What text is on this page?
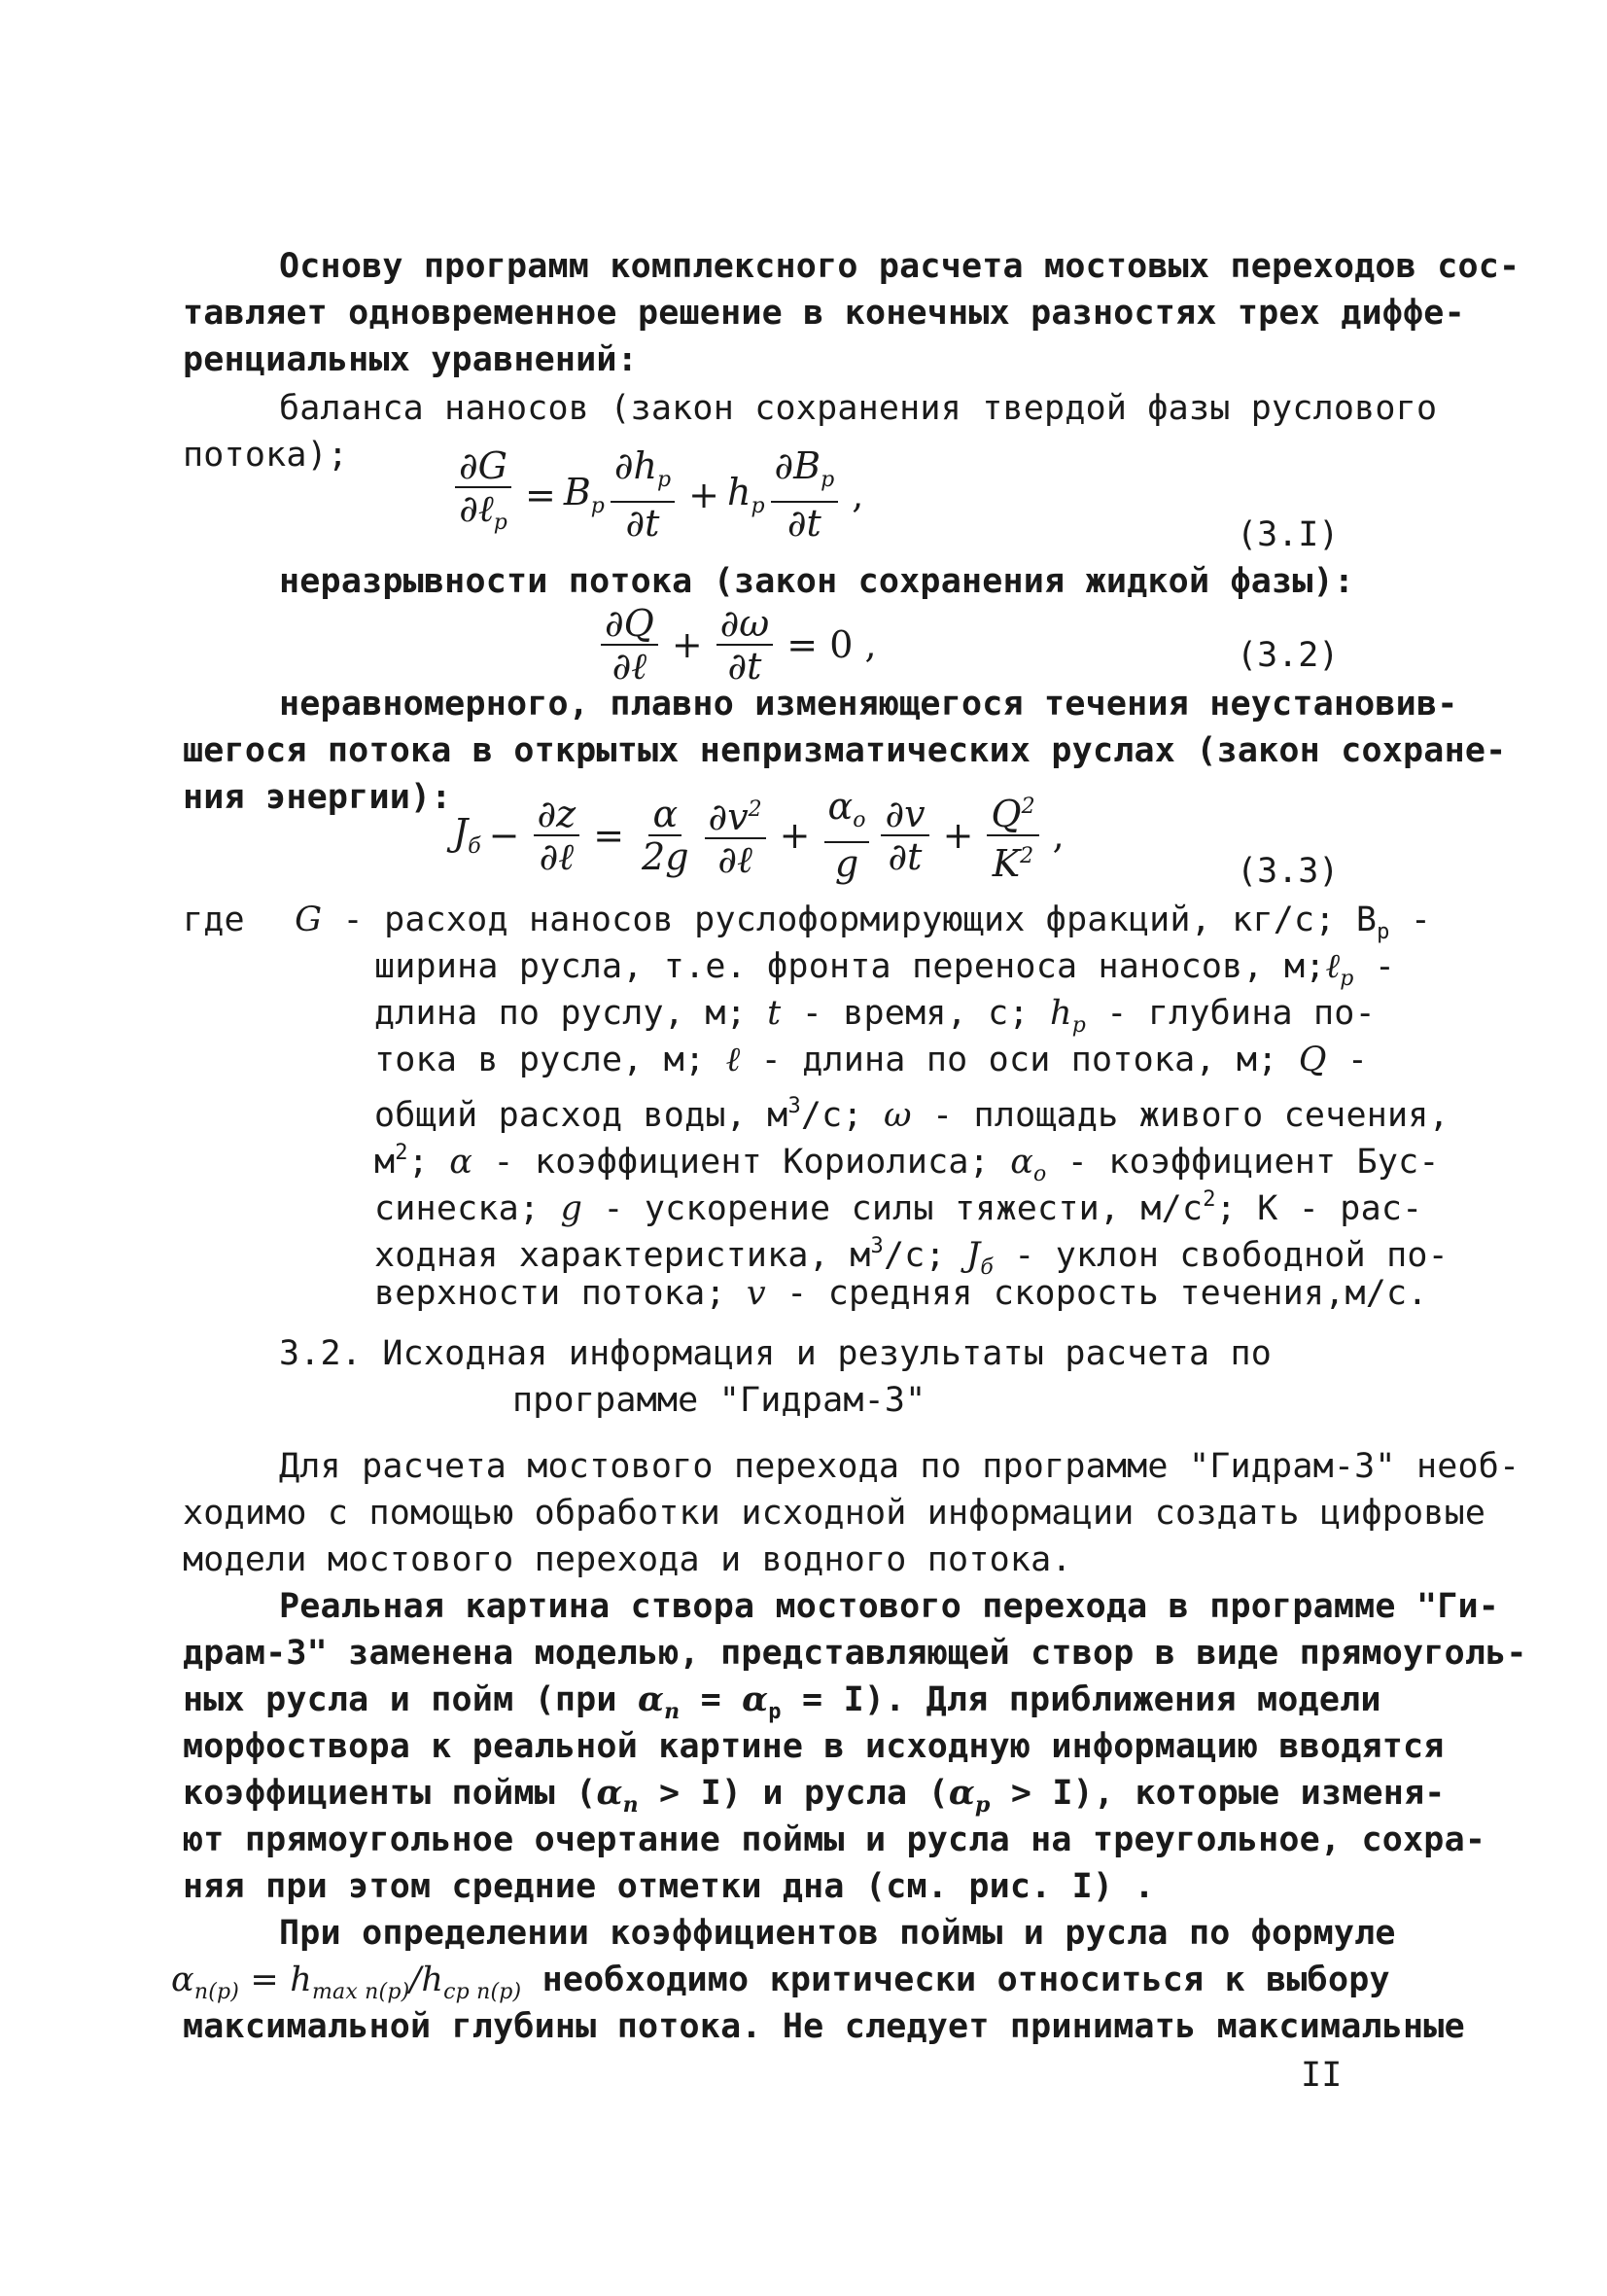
Основу программ комплексного расчета мостовых переходов сос-
тавляет одновременное решение в конечных разностях трех диффе-
ренциальных уравнений:
баланса наносов (закон сохранения твердой фазы руслового
потока);	$\frac{\partial G}{\partial\ell_p} = B_p \frac{\partial h_p}{\partial t} + h_p \frac{\partial B_p}{\partial t}$ ,
(3.I)
неразрывности потока (закон сохранения жидкой фазы):
$\frac{\partial Q}{\text{∂ℓ}} + \frac{\partial\omega}{\partial t} = 0$ ,	(3.2)
неравномерного, плавно изменяющегося течения неустановив-
шегося потока в открытых непризматических руслах (закон сохране-
ния энергии):
$J_б - \frac{\partial z}{\text{∂ℓ}} = \frac{\alpha}{2g} \frac{\partial v^2}{\text{∂ℓ}} + \frac{\alpha_o}{g} \frac{\partial v}{\partial t} + \frac{Q^2}{K^2}$ ,
(3.3)
где G - расход наносов руслоформирующих фракций, кг/с; $B_р$ -
ширина русла, т.е. фронта переноса наносов, м;ℓ$_p$ -
длина по руслу, м; t - время, с; $h_p$ - глубина по-
тока в русле, м; ℓ - длина по оси потока, м; Q -
общий расход воды, $м^3/с$; ω - площадь живого сечения,
$м^2$; α - коэффициент Кориолиса; $\alpha_o$ - коэффициент Бус-
синеска; g - ускорение силы тяжести, $м/с^2$; К - рас-
ходная характеристика, $м^3/с$; $J_б$ - уклон свободной по-
верхности потока; v - средняя скорость течения,м/с.
3.2. Исходная информация и результаты расчета по
программе "Гидрам-3"
Для расчета мостового перехода по программе "Гидрам-3" необ-
ходимо с помощью обработки исходной информации создать цифровые
модели мостового перехода и водного потока.
Реальная картина створа мостового перехода в программе "Ги-
драм-3" заменена моделью, представляющей створ в виде прямоуголь-
ных русла и пойм (при $\alpha_п = \alpha_р = I$). Для приближения модели
морфоствора к реальной картине в исходную информацию вводятся
коэффициенты поймы $(\alpha_п > I)$ и русла $(\alpha_р > I)$, которые изменя-
ют прямоугольное очертание поймы и русла на треугольное, сохра-
няя при этом средние отметки дна (см. рис. I) .
При определении коэффициентов поймы и русла по формуле
$\alpha_{п(р)} = h_{max п(р)}/h_{ср п(р)}$ необходимо критически относиться к выбору
максимальной глубины потока. Не следует принимать максимальные
II
